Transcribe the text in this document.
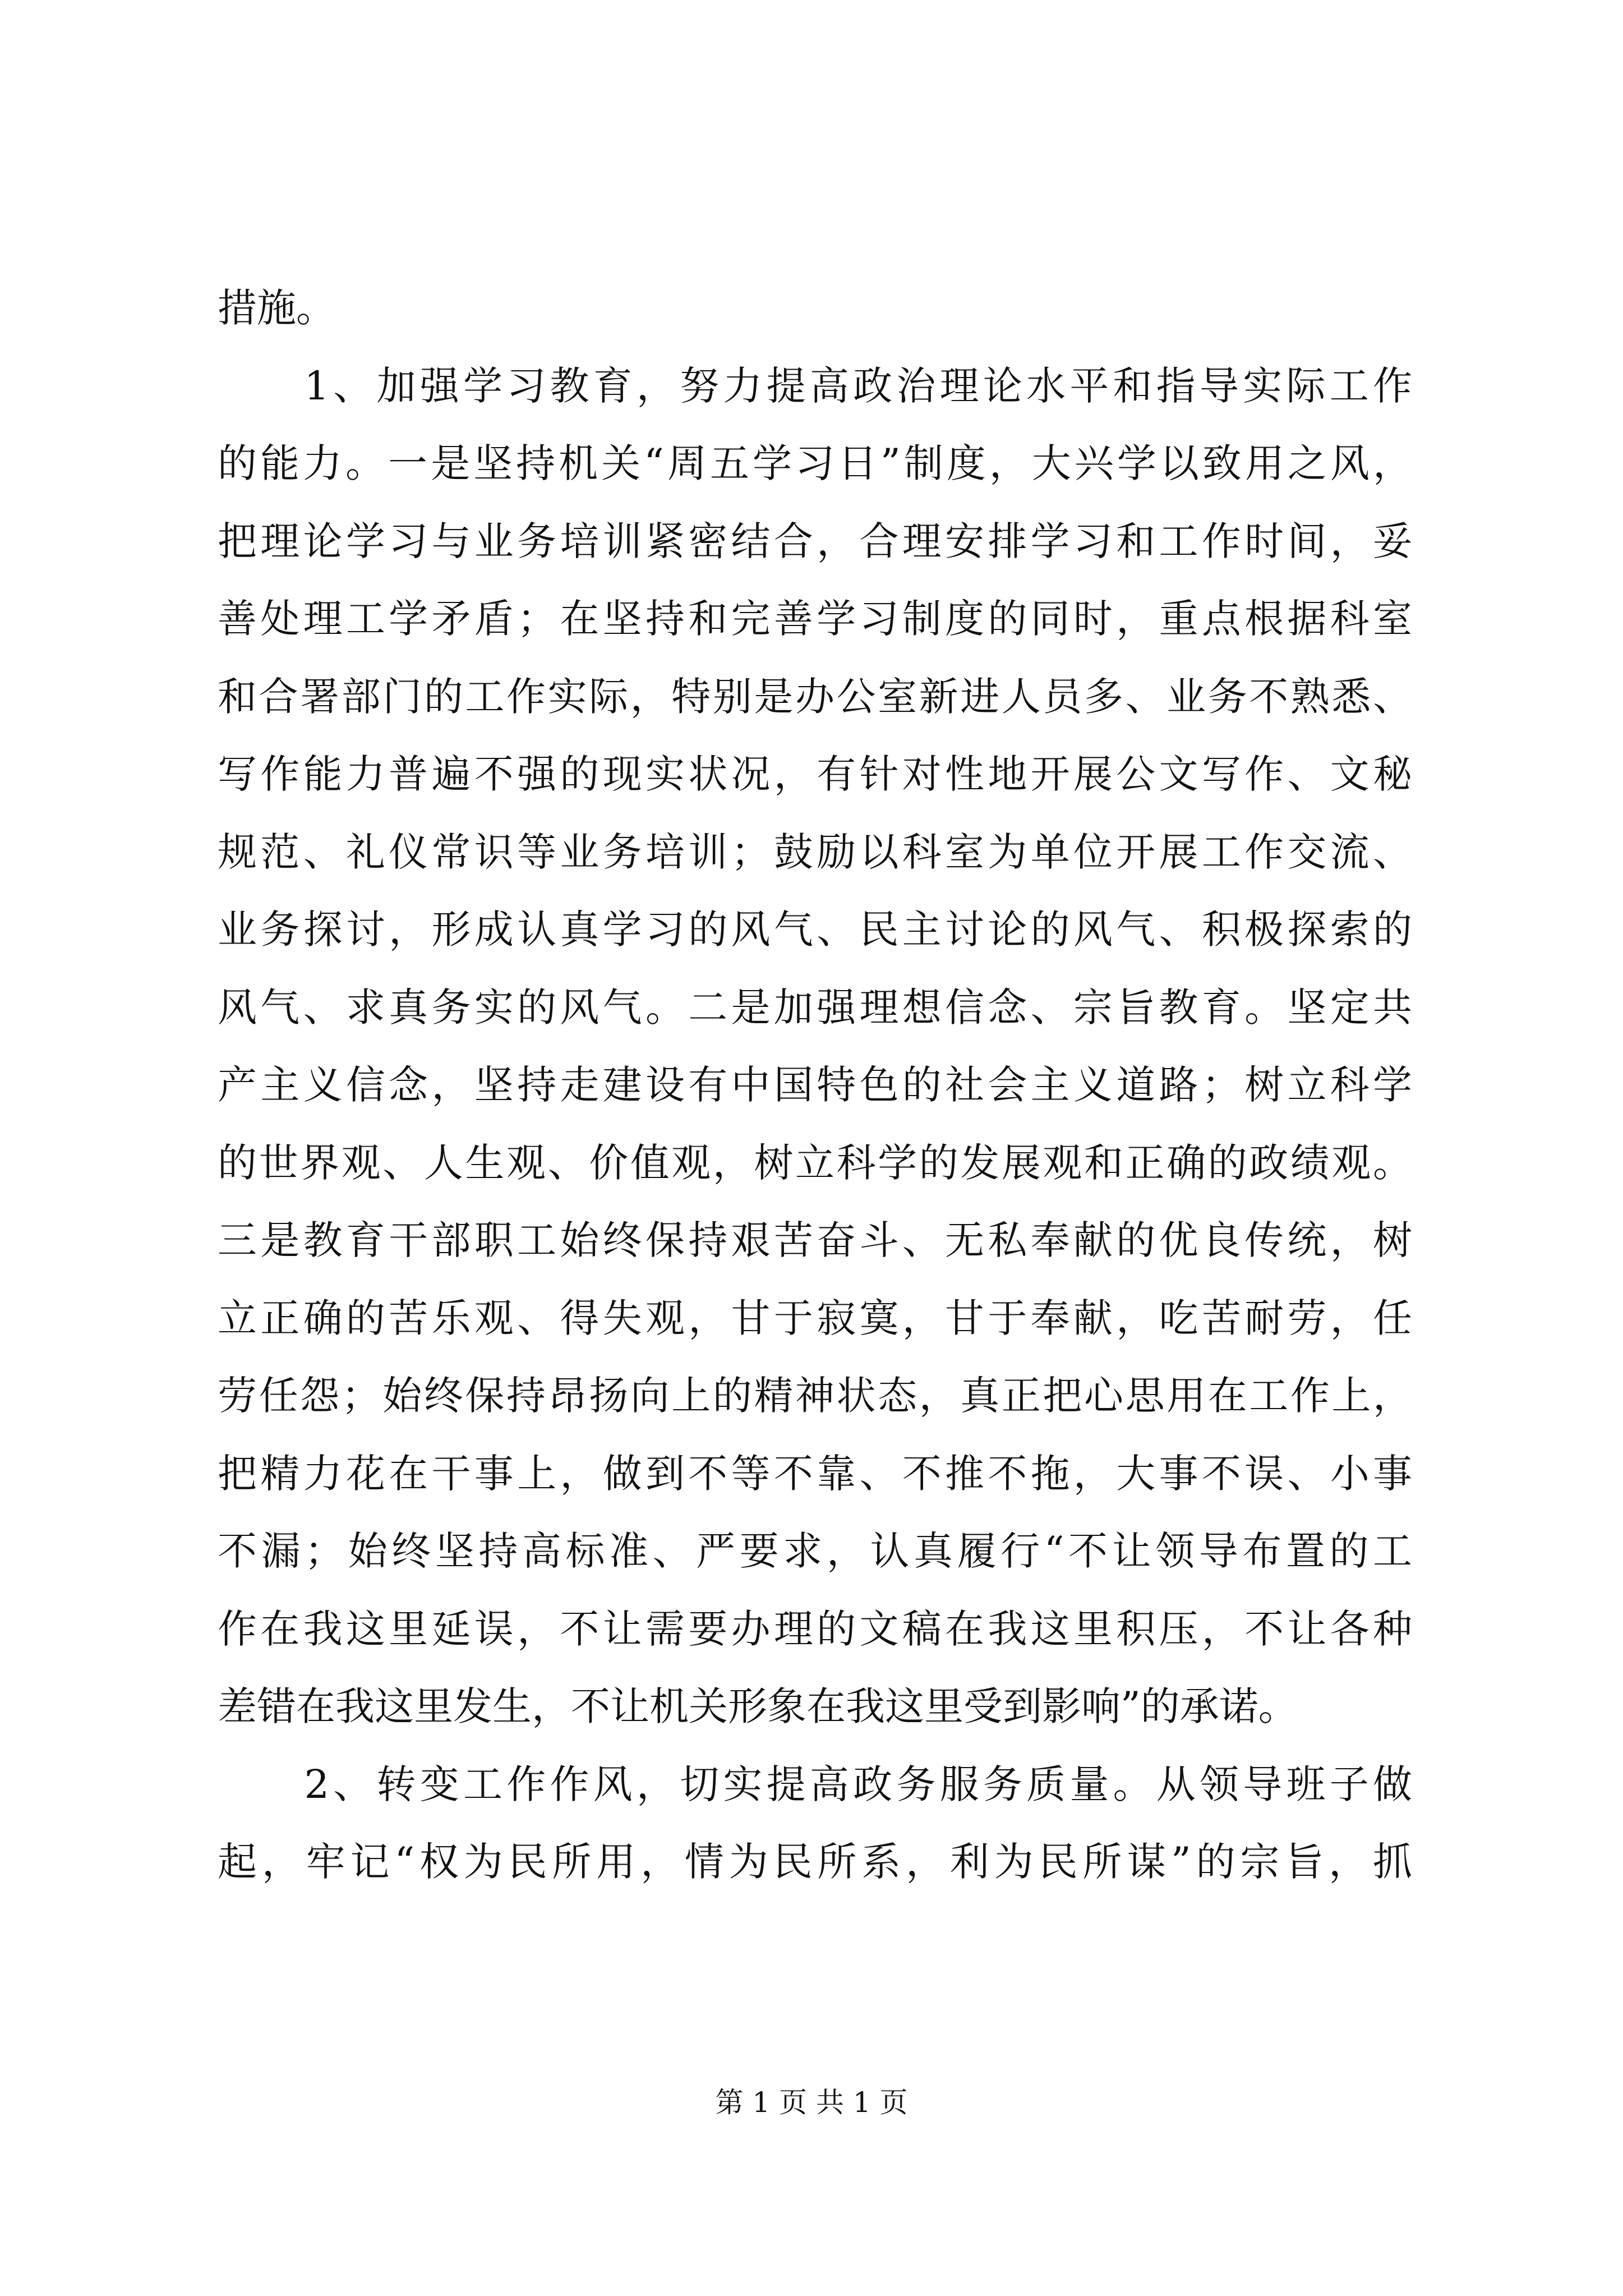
措施。
　　1、加强学习教育，努力提高政治理论水平和指导实际工作
的能力。一是坚持机关“周五学习日”制度，大兴学以致用之风，
把理论学习与业务培训紧密结合，合理安排学习和工作时间，妥
善处理工学矛盾；在坚持和完善学习制度的同时，重点根据科室
和合署部门的工作实际，特别是办公室新进人员多、业务不熟悉、
写作能力普遍不强的现实状况，有针对性地开展公文写作、文秘
规范、礼仪常识等业务培训；鼓励以科室为单位开展工作交流、
业务探讨，形成认真学习的风气、民主讨论的风气、积极探索的
风气、求真务实的风气。二是加强理想信念、宗旨教育。坚定共
产主义信念，坚持走建设有中国特色的社会主义道路；树立科学
的世界观、人生观、价值观，树立科学的发展观和正确的政绩观。
三是教育干部职工始终保持艰苦奋斗、无私奉献的优良传统，树
立正确的苦乐观、得失观，甘于寂寞，甘于奉献，吃苦耐劳，任
劳任怨；始终保持昂扬向上的精神状态，真正把心思用在工作上，
把精力花在干事上，做到不等不靠、不推不拖，大事不误、小事
不漏；始终坚持高标准、严要求，认真履行“不让领导布置的工
作在我这里延误，不让需要办理的文稿在我这里积压，不让各种
差错在我这里发生，不让机关形象在我这里受到影响”的承诺。
　　2、转变工作作风，切实提高政务服务质量。从领导班子做
起，牢记“权为民所用，情为民所系，利为民所谋”的宗旨，抓
第 1 页 共 1 页
